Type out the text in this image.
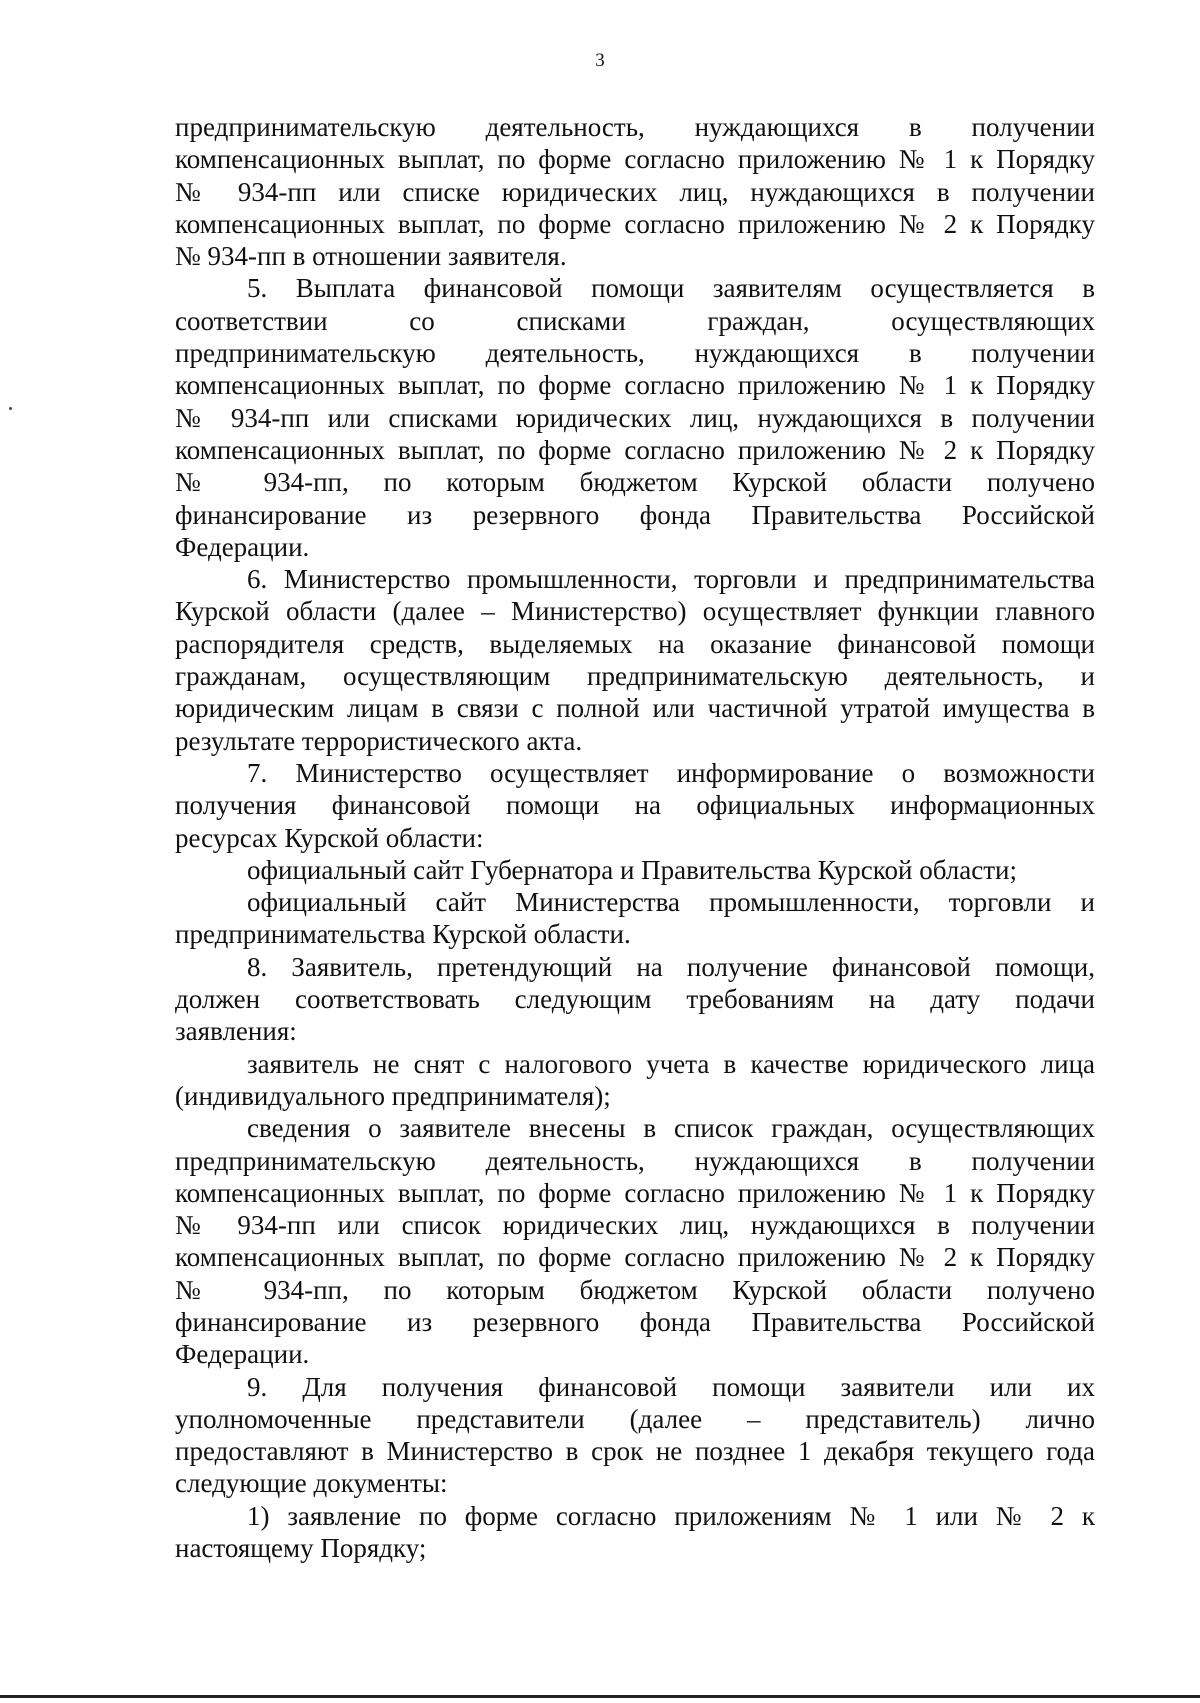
3
предпринимательскую деятельность, нуждающихся в получении
компенсационных выплат, по форме согласно приложению № 1 к Порядку
№ 934-пп или списке юридических лиц, нуждающихся в получении
компенсационных выплат, по форме согласно приложению № 2 к Порядку
№ 934-пп в отношении заявителя.
5. Выплата финансовой помощи заявителям осуществляется в
соответствии со списками граждан, осуществляющих
предпринимательскую деятельность, нуждающихся в получении
компенсационных выплат, по форме согласно приложению № 1 к Порядку
№ 934-пп или списками юридических лиц, нуждающихся в получении
компенсационных выплат, по форме согласно приложению № 2 к Порядку
№ 934-пп, по которым бюджетом Курской области получено
финансирование из резервного фонда Правительства Российской
Федерации.
6. Министерство промышленности, торговли и предпринимательства
Курской области (далее – Министерство) осуществляет функции главного
распорядителя средств, выделяемых на оказание финансовой помощи
гражданам, осуществляющим предпринимательскую деятельность, и
юридическим лицам в связи с полной или частичной утратой имущества в
результате террористического акта.
7. Министерство осуществляет информирование о возможности
получения финансовой помощи на официальных информационных
ресурсах Курской области:
официальный сайт Губернатора и Правительства Курской области;
официальный сайт Министерства промышленности, торговли и
предпринимательства Курской области.
8. Заявитель, претендующий на получение финансовой помощи,
должен соответствовать следующим требованиям на дату подачи
заявления:
заявитель не снят с налогового учета в качестве юридического лица
(индивидуального предпринимателя);
сведения о заявителе внесены в список граждан, осуществляющих
предпринимательскую деятельность, нуждающихся в получении
компенсационных выплат, по форме согласно приложению № 1 к Порядку
№ 934-пп или список юридических лиц, нуждающихся в получении
компенсационных выплат, по форме согласно приложению № 2 к Порядку
№ 934-пп, по которым бюджетом Курской области получено
финансирование из резервного фонда Правительства Российской
Федерации.
9. Для получения финансовой помощи заявители или их
уполномоченные представители (далее – представитель) лично
предоставляют в Министерство в срок не позднее 1 декабря текущего года
следующие документы:
1) заявление по форме согласно приложениям № 1 или № 2 к
настоящему Порядку;
